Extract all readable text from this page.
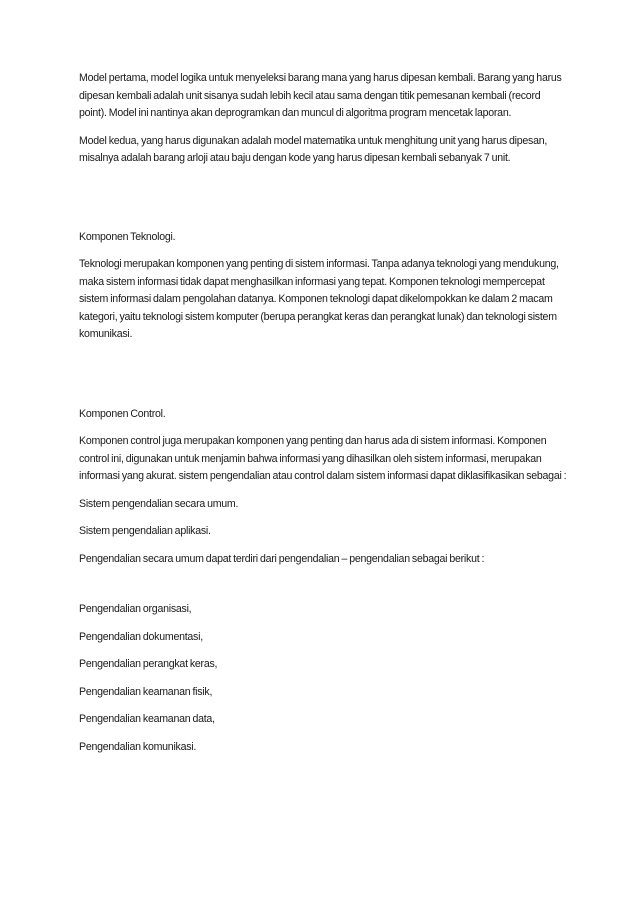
Model pertama, model logika untuk menyeleksi barang mana yang harus dipesan kembali. Barang yang harus dipesan kembali adalah unit sisanya sudah lebih kecil atau sama dengan titik pemesanan kembali (record point). Model ini nantinya akan deprogramkan dan muncul di algoritma program mencetak laporan.

Model kedua, yang harus digunakan adalah model matematika untuk menghitung unit yang harus dipesan, misalnya adalah barang arloji atau baju dengan kode yang harus dipesan kembali sebanyak 7 unit.

Komponen Teknologi.

Teknologi merupakan komponen yang penting di sistem informasi. Tanpa adanya teknologi yang mendukung, maka sistem informasi tidak dapat menghasilkan informasi yang tepat. Komponen teknologi mempercepat sistem informasi dalam pengolahan datanya. Komponen teknologi dapat dikelompokkan ke dalam 2 macam kategori, yaitu teknologi sistem komputer (berupa perangkat keras dan perangkat lunak) dan teknologi sistem komunikasi.

Komponen Control.

Komponen control juga merupakan komponen yang penting dan harus ada di sistem informasi. Komponen control ini, digunakan untuk menjamin bahwa informasi yang dihasilkan oleh sistem informasi, merupakan informasi yang akurat. sistem pengendalian atau control dalam sistem informasi dapat diklasifikasikan sebagai :

Sistem pengendalian secara umum.

Sistem pengendalian aplikasi.

Pengendalian secara umum dapat terdiri dari pengendalian – pengendalian sebagai berikut :

Pengendalian organisasi,

Pengendalian dokumentasi,

Pengendalian perangkat keras,

Pengendalian keamanan fisik,

Pengendalian keamanan data,

Pengendalian komunikasi.
